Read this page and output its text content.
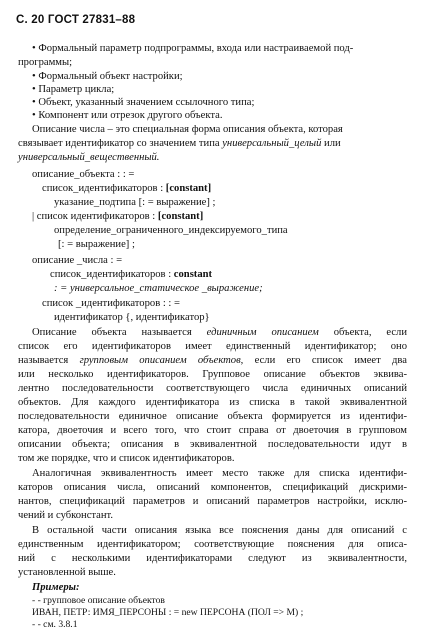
С. 20 ГОСТ 27831–88
• Формальный параметр подпрограммы, входа или настраиваемой под-
программы;
• Формальный объект настройки;
• Параметр цикла;
• Объект, указанный значением ссылочного типа;
• Компонент или отрезок другого объекта.
Описание числа – это специальная форма описания объекта, которая
связывает идентификатор со значением типа универсальный_целый или
универсальный_вещественный.
описание_объекта : : =
список_идентификаторов : [constant]
указание_подтипа [: = выражение] ;
| список идентификаторов : [constant]
определение_ограниченного_индексируемого_типа
[: = выражение] ;
описание _числа : =
список_идентификаторов : constant
: = универсальное_статическое _выражение;
список _идентификаторов : : =
идентификатор {, идентификатор}
Описание объекта называется единичным описанием объекта, если
список его идентификаторов имеет единственный идентификатор; оно
называется групповым описанием объектов, если его список имеет два
или несколько идентификаторов. Групповое описание объектов эквива-
лентно последовательности соответствующего числа единичных описаний
объектов. Для каждого идентификатора из списка в такой эквивалентной
последовательности единичное описание объекта формируется из идентифи-
катора, двоеточия и всего того, что стоит справа от двоеточия в групповом
описании объекта; описания в эквивалентной последовательности идут в
том же порядке, что и список идентификаторов.
Аналогичная эквивалентность имеет место также для списка идентифи-
каторов описания числа, описаний компонентов, спецификаций дискрими-
нантов, спецификаций параметров и описаний параметров настройки, исклю-
чений и субконстант.
В остальной части описания языка все пояснения даны для описаний с
единственным идентификатором; соответствующие пояснения для описа-
ний с несколькими идентификаторами следуют из эквивалентности,
установленной выше.
Примеры:
- - групповое описание объектов
ИВАН, ПЕТР: ИМЯ_ПЕРСОНЫ : = new ПЕРСОНА (ПОЛ => М) ;
- - см. 3.8.1
